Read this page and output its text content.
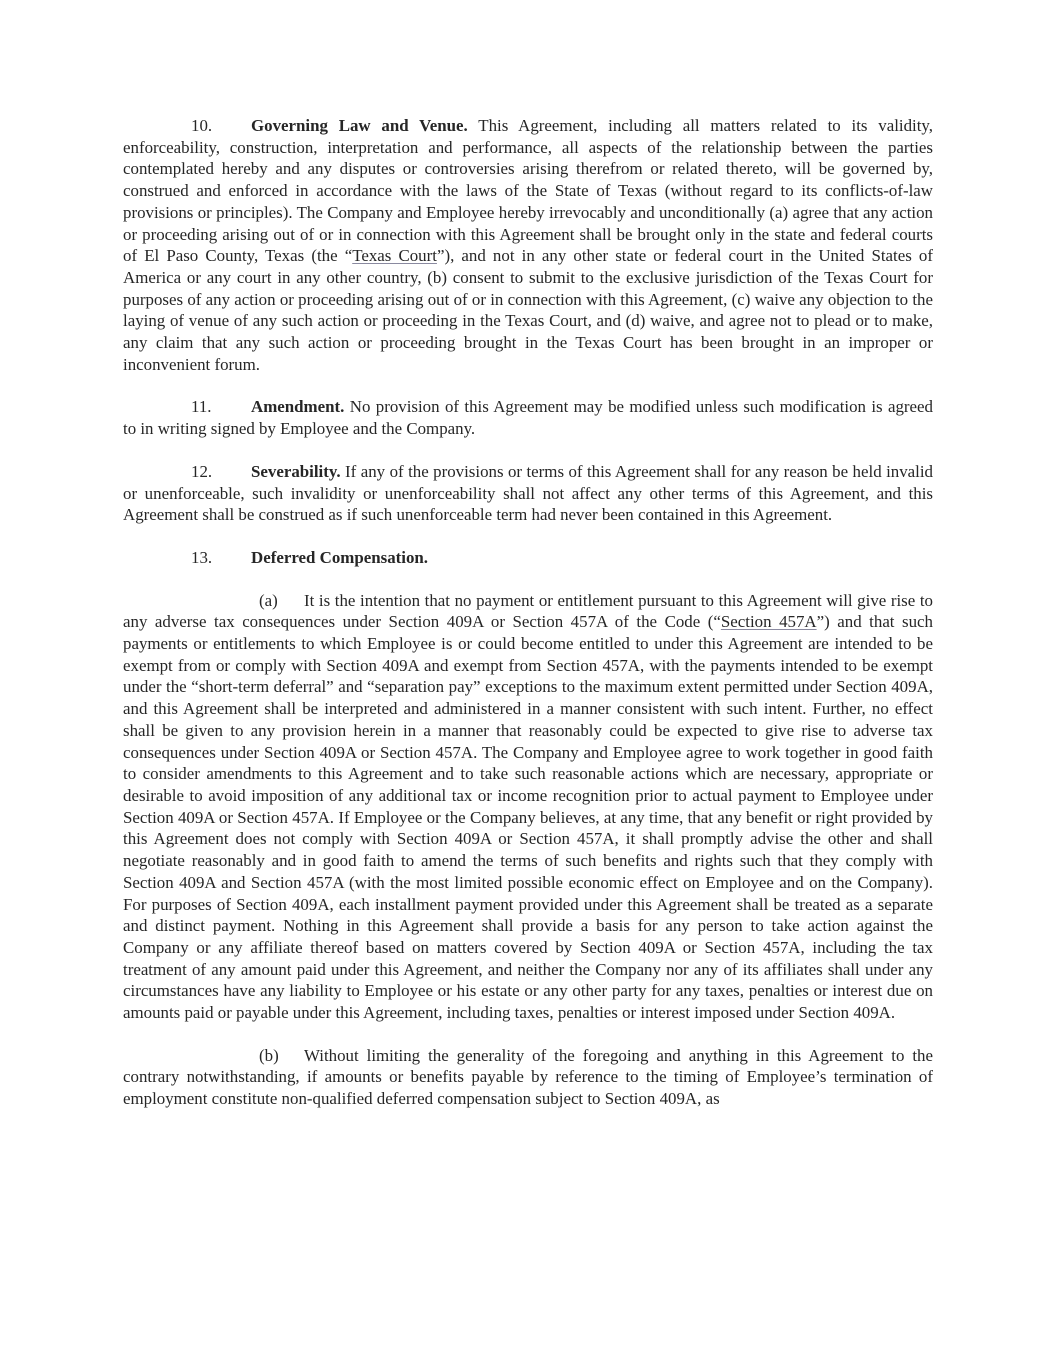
10. Governing Law and Venue. This Agreement, including all matters related to its validity, enforceability, construction, interpretation and performance, all aspects of the relationship between the parties contemplated hereby and any disputes or controversies arising therefrom or related thereto, will be governed by, construed and enforced in accordance with the laws of the State of Texas (without regard to its conflicts-of-law provisions or principles). The Company and Employee hereby irrevocably and unconditionally (a) agree that any action or proceeding arising out of or in connection with this Agreement shall be brought only in the state and federal courts of El Paso County, Texas (the “Texas Court”), and not in any other state or federal court in the United States of America or any court in any other country, (b) consent to submit to the exclusive jurisdiction of the Texas Court for purposes of any action or proceeding arising out of or in connection with this Agreement, (c) waive any objection to the laying of venue of any such action or proceeding in the Texas Court, and (d) waive, and agree not to plead or to make, any claim that any such action or proceeding brought in the Texas Court has been brought in an improper or inconvenient forum.

11. Amendment. No provision of this Agreement may be modified unless such modification is agreed to in writing signed by Employee and the Company.

12. Severability. If any of the provisions or terms of this Agreement shall for any reason be held invalid or unenforceable, such invalidity or unenforceability shall not affect any other terms of this Agreement, and this Agreement shall be construed as if such unenforceable term had never been contained in this Agreement.

13. Deferred Compensation.

(a) It is the intention that no payment or entitlement pursuant to this Agreement will give rise to any adverse tax consequences under Section 409A or Section 457A of the Code (“Section 457A”) and that such payments or entitlements to which Employee is or could become entitled to under this Agreement are intended to be exempt from or comply with Section 409A and exempt from Section 457A, with the payments intended to be exempt under the “short-term deferral” and “separation pay” exceptions to the maximum extent permitted under Section 409A, and this Agreement shall be interpreted and administered in a manner consistent with such intent. Further, no effect shall be given to any provision herein in a manner that reasonably could be expected to give rise to adverse tax consequences under Section 409A or Section 457A. The Company and Employee agree to work together in good faith to consider amendments to this Agreement and to take such reasonable actions which are necessary, appropriate or desirable to avoid imposition of any additional tax or income recognition prior to actual payment to Employee under Section 409A or Section 457A. If Employee or the Company believes, at any time, that any benefit or right provided by this Agreement does not comply with Section 409A or Section 457A, it shall promptly advise the other and shall negotiate reasonably and in good faith to amend the terms of such benefits and rights such that they comply with Section 409A and Section 457A (with the most limited possible economic effect on Employee and on the Company). For purposes of Section 409A, each installment payment provided under this Agreement shall be treated as a separate and distinct payment. Nothing in this Agreement shall provide a basis for any person to take action against the Company or any affiliate thereof based on matters covered by Section 409A or Section 457A, including the tax treatment of any amount paid under this Agreement, and neither the Company nor any of its affiliates shall under any circumstances have any liability to Employee or his estate or any other party for any taxes, penalties or interest due on amounts paid or payable under this Agreement, including taxes, penalties or interest imposed under Section 409A.

(b) Without limiting the generality of the foregoing and anything in this Agreement to the contrary notwithstanding, if amounts or benefits payable by reference to the timing of Employee’s termination of employment constitute non-qualified deferred compensation subject to Section 409A, as
